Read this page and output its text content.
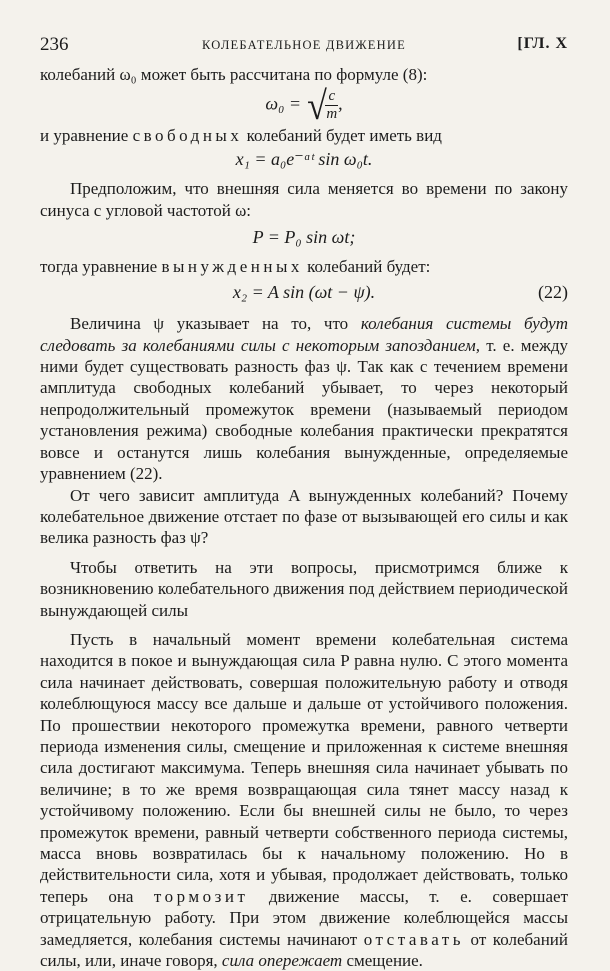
236	КОЛЕБАТЕЛЬНОЕ ДВИЖЕНИЕ	[ГЛ. X

колебаний ω₀ может быть рассчитана по формуле (8):

ω₀ = √ c
m
,

и уравнение свободных колебаний будет иметь вид

x₁ = a₀e⁻ᵅᵗ sin ω₀t.

Предположим, что внешняя сила меняется во времени по закону синуса с угловой частотой ω:

P = P₀ sin ωt;

тогда уравнение вынужденных колебаний будет:

x₂ = A sin (ωt − ψ).	(22)

Величина ψ указывает на то, что колебания системы будут следовать за колебаниями силы с некоторым запозданием, т. е. между ними будет существовать разность фаз ψ. Так как с течением времени амплитуда свободных колебаний убывает, то через некоторый непродолжительный промежуток времени (называемый периодом установления режима) свободные колебания практически прекратятся вовсе и останутся лишь колебания вынужденные, определяемые уравнением (22).

От чего зависит амплитуда A вынужденных колебаний? Почему колебательное движение отстает по фазе от вызывающей его силы и как велика разность фаз ψ?

Чтобы ответить на эти вопросы, присмотримся ближе к возникновению колебательного движения под действием периодической вынуждающей силы

Пусть в начальный момент времени колебательная система находится в покое и вынуждающая сила P равна нулю. С этого момента сила начинает действовать, совершая положительную работу и отводя колеблющуюся массу все дальше и дальше от устойчивого положения. По прошествии некоторого промежутка времени, равного четверти периода изменения силы, смещение и приложенная к системе внешняя сила достигают максимума. Теперь внешняя сила начинает убывать по величине; в то же время возвращающая сила тянет массу назад к устойчивому положению. Если бы внешней силы не было, то через промежуток времени, равный четверти собственного периода системы, масса вновь возвратилась бы к начальному положению. Но в действительности сила, хотя и убывая, продолжает действовать, только теперь она тормозит движение массы, т. е. совершает отрицательную работу. При этом движение колеблющейся массы замедляется, колебания системы начинают отставать от колебаний силы, или, иначе говоря, сила опережает смещение.
